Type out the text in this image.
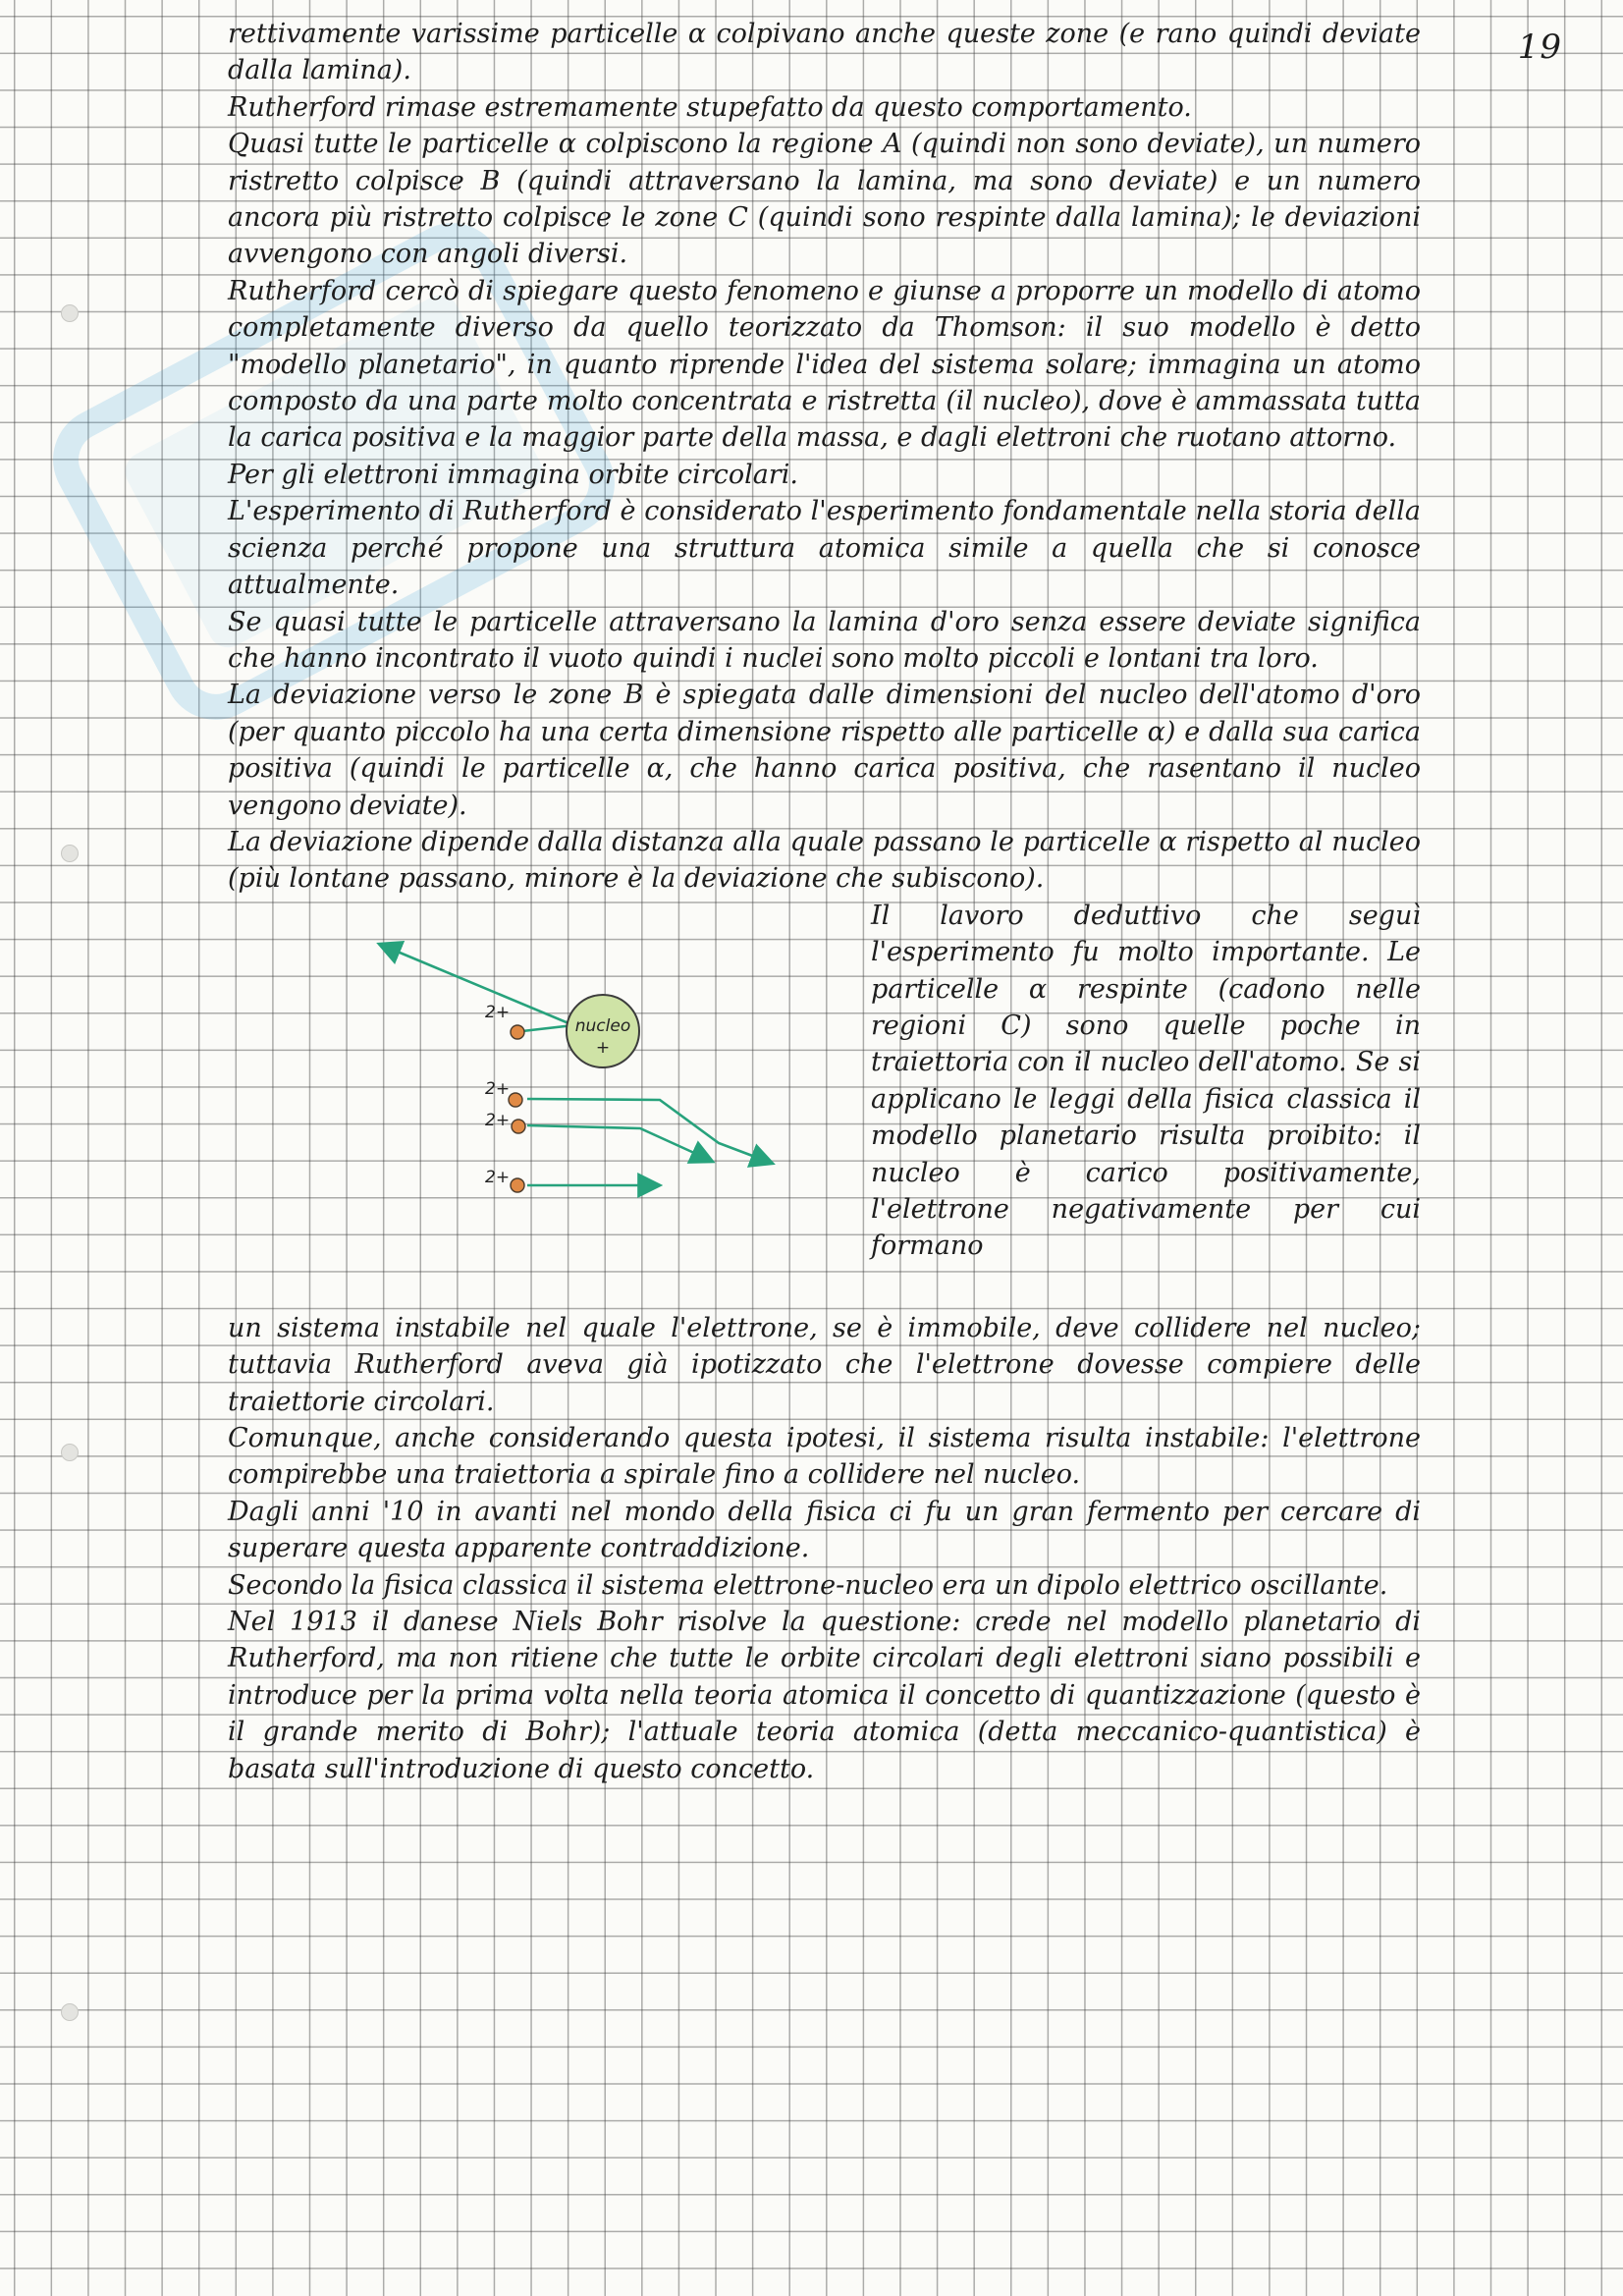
19

rettivamente varissime particelle α colpivano anche queste zone (e rano quindi deviate dalla lamina).

Rutherford rimase estremamente stupefatto da questo comportamento.

Quasi tutte le particelle α colpiscono la regione A (quindi non sono deviate), un numero ristretto colpisce B (quindi attraversano la lamina, ma sono deviate) e un numero ancora più ristretto colpisce le zone C (quindi sono respinte dalla lamina); le deviazioni avvengono con angoli diversi.

Rutherford cercò di spiegare questo fenomeno e giunse a proporre un modello di atomo completamente diverso da quello teorizzato da Thomson: il suo modello è detto "modello planetario", in quanto riprende l'idea del sistema solare; immagina un atomo composto da una parte molto concentrata e ristretta (il nucleo), dove è ammassata tutta la carica positiva e la maggior parte della massa, e dagli elettroni che ruotano attorno.

Per gli elettroni immagina orbite circolari.

L'esperimento di Rutherford è considerato l'esperimento fondamentale nella storia della scienza perché propone una struttura atomica simile a quella che si conosce attualmente.

Se quasi tutte le particelle attraversano la lamina d'oro senza essere deviate significa che hanno incontrato il vuoto quindi i nuclei sono molto piccoli e lontani tra loro.

La deviazione verso le zone B è spiegata dalle dimensioni del nucleo dell'atomo d'oro (per quanto piccolo ha una certa dimensione rispetto alle particelle α) e dalla sua carica positiva (quindi le particelle α, che hanno carica positiva, che rasentano il nucleo vengono deviate).

La deviazione dipende dalla distanza alla quale passano le particelle α rispetto al nucleo (più lontane passano, minore è la deviazione che subiscono).

nucleo
+
2+
2+
2+
2+

Il lavoro deduttivo che seguì l'esperimento fu molto importante. Le particelle α respinte (cadono nelle regioni C) sono quelle poche in traiettoria con il nucleo dell'atomo. Se si applicano le leggi della fisica classica il modello planetario risulta proibito: il nucleo è carico positivamente, l'elettrone negativamente per cui formano

un sistema instabile nel quale l'elettrone, se è immobile, deve collidere nel nucleo; tuttavia Rutherford aveva già ipotizzato che l'elettrone dovesse compiere delle traiettorie circolari.

Comunque, anche considerando questa ipotesi, il sistema risulta instabile: l'elettrone compirebbe una traiettoria a spirale fino a collidere nel nucleo.

Dagli anni '10 in avanti nel mondo della fisica ci fu un gran fermento per cercare di superare questa apparente contraddizione.

Secondo la fisica classica il sistema elettrone-nucleo era un dipolo elettrico oscillante.

Nel 1913 il danese Niels Bohr risolve la questione: crede nel modello planetario di Rutherford, ma non ritiene che tutte le orbite circolari degli elettroni siano possibili e introduce per la prima volta nella teoria atomica il concetto di quantizzazione (questo è il grande merito di Bohr); l'attuale teoria atomica (detta meccanico-quantistica) è basata sull'introduzione di questo concetto.
